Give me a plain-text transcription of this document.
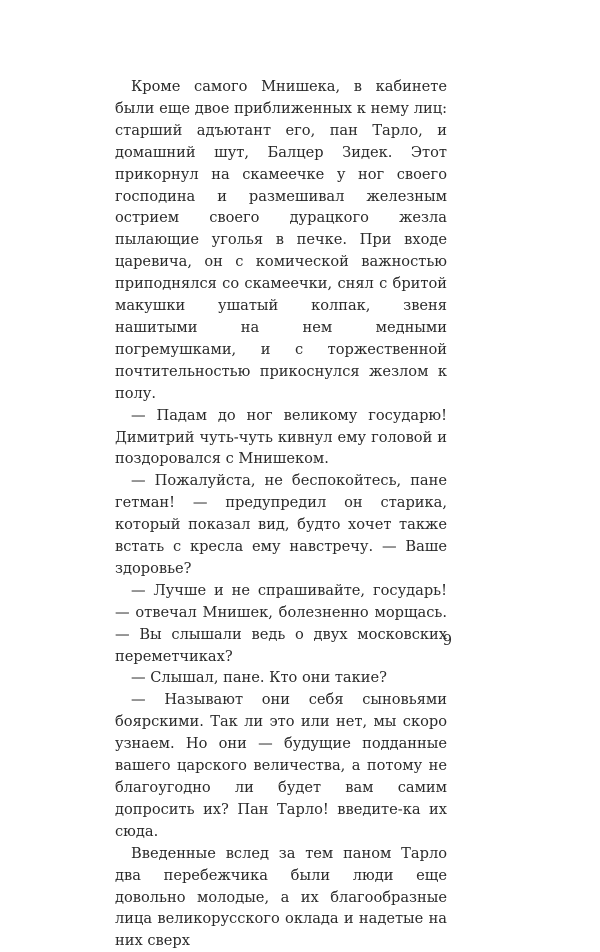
Кроме самого Мнишека, в кабинете были еще двое приближенных к нему лиц: старший адъютант его, пан Тарло, и домашний шут, Балцер Зидек. Этот прикорнул на скамеечке у ног своего господина и размешивал железным острием своего дурацкого жезла пылающие уголья в печке. При входе царевича, он с комической важностью приподнялся со скамеечки, снял с бритой макушки ушатый колпак, звеня нашитыми на нем медными погремушками, и с торжественной почтительностью прикоснулся жезлом к полу.

— Падам до ног великому государю! Димитрий чуть-чуть кивнул ему головой и поздоровался с Мнишеком.

— Пожалуйста, не беспокойтесь, пане гетман! — предупредил он старика, который показал вид, будто хочет также встать с кресла ему навстречу. — Ваше здоровье?

— Лучше и не спрашивайте, государь! — отвечал Мнишек, болезненно морщась. — Вы слышали ведь о двух московских переметчиках?

— Слышал, пане. Кто они такие?

— Называют они себя сыновьями боярскими. Так ли это или нет, мы скоро узнаем. Но они — будущие подданные вашего царского величества, а потому не благоугодно ли будет вам самим допросить их? Пан Тарло! введите-ка их сюда.

Введенные вслед за тем паном Тарло два перебежчика были люди еще довольно молодые, а их благообразные лица великорусского оклада и надетые на них сверх

9
